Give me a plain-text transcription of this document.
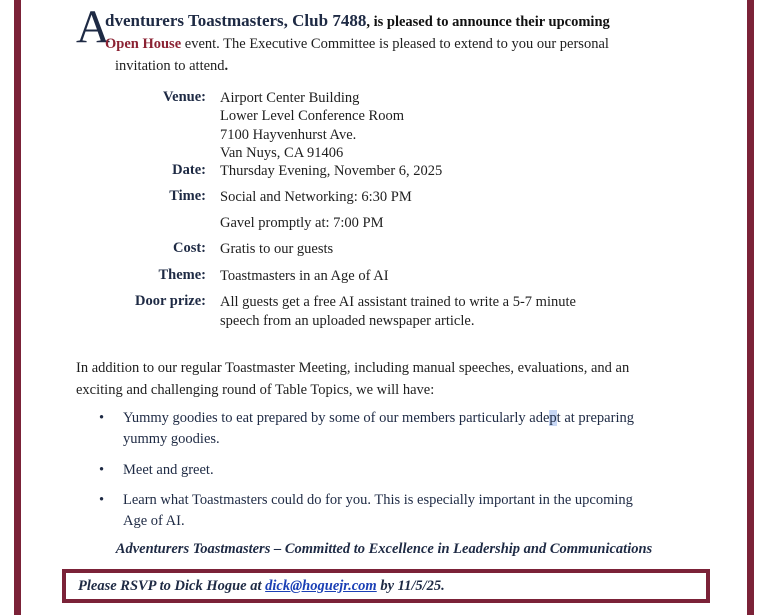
A
dventurers Toastmasters, Club 7488, is pleased to announce their upcoming
Open House event. The Executive Committee is pleased to extend to you our personal
invitation to attend.
Venue: Airport Center Building
Lower Level Conference Room
7100 Hayvenhurst Ave.
Van Nuys, CA 91406
Date: Thursday Evening, November 6, 2025
Time: Social and Networking: 6:30 PM
Gavel promptly at: 7:00 PM
Cost: Gratis to our guests
Theme: Toastmasters in an Age of AI
Door prize: All guests get a free AI assistant trained to write a 5-7 minute
speech from an uploaded newspaper article.
In addition to our regular Toastmaster Meeting, including manual speeches, evaluations, and an
exciting and challenging round of Table Topics, we will have:
• Yummy goodies to eat prepared by some of our members particularly adept at preparing
yummy goodies.
• Meet and greet.
• Learn what Toastmasters could do for you. This is especially important in the upcoming
Age of AI.
Adventurers Toastmasters – Committed to Excellence in Leadership and Communications
Please RSVP to Dick Hogue at dick@hoguejr.com by 11/5/25.
